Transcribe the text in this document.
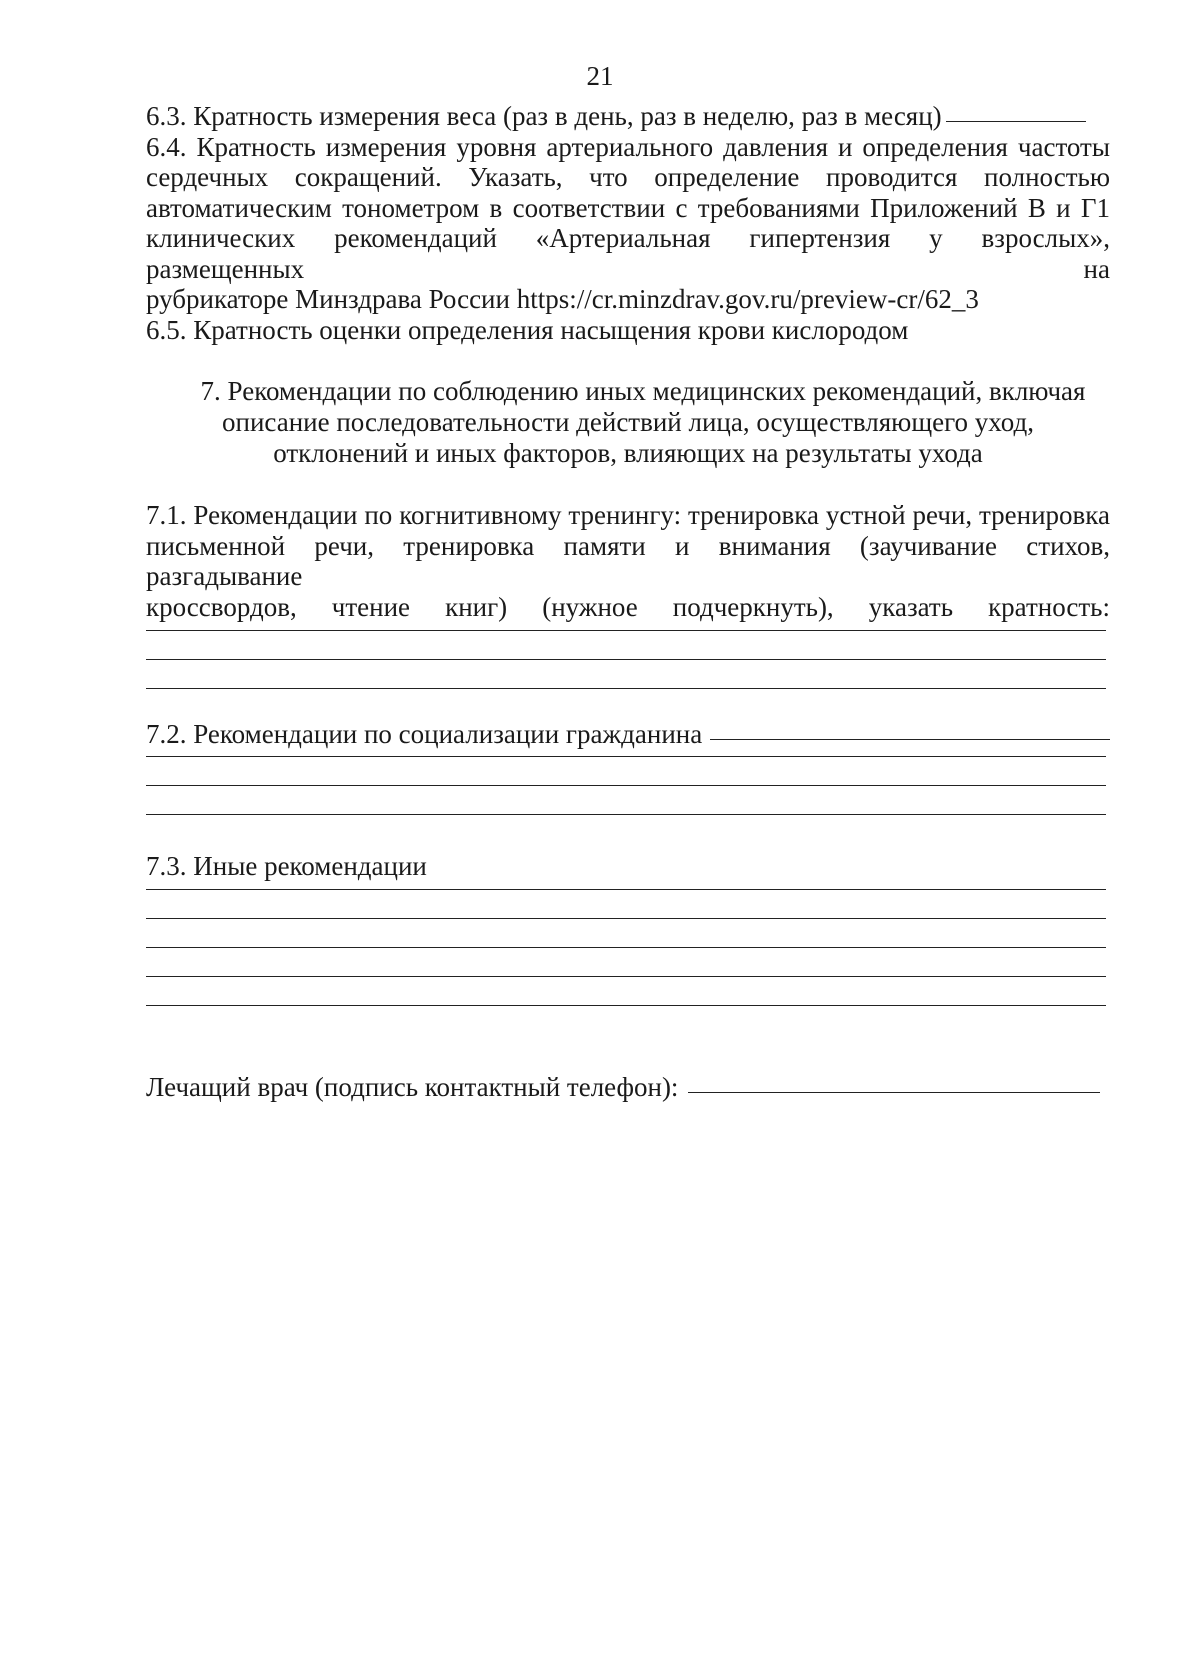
21
6.3. Кратность измерения веса (раз в день, раз в неделю, раз в месяц)
6.4. Кратность измерения уровня артериального давления и определения частоты
сердечных сокращений. Указать, что определение проводится полностью
автоматическим тонометром в соответствии с требованиями Приложений В и Г1
клинических рекомендаций «Артериальная гипертензия у взрослых», размещенных на
рубрикаторе Минздрава России https://cr.minzdrav.gov.ru/preview-cr/62_3
6.5. Кратность оценки определения насыщения крови кислородом
7. Рекомендации по соблюдению иных медицинских рекомендаций, включая
описание последовательности действий лица, осуществляющего уход,
отклонений и иных факторов, влияющих на результаты ухода
7.1. Рекомендации по когнитивному тренингу: тренировка устной речи, тренировка
письменной речи, тренировка памяти и внимания (заучивание стихов, разгадывание
кроссвордов, чтение книг) (нужное подчеркнуть), указать кратность:
7.2. Рекомендации по социализации гражданина
7.3. Иные рекомендации
Лечащий врач (подпись контактный телефон):
